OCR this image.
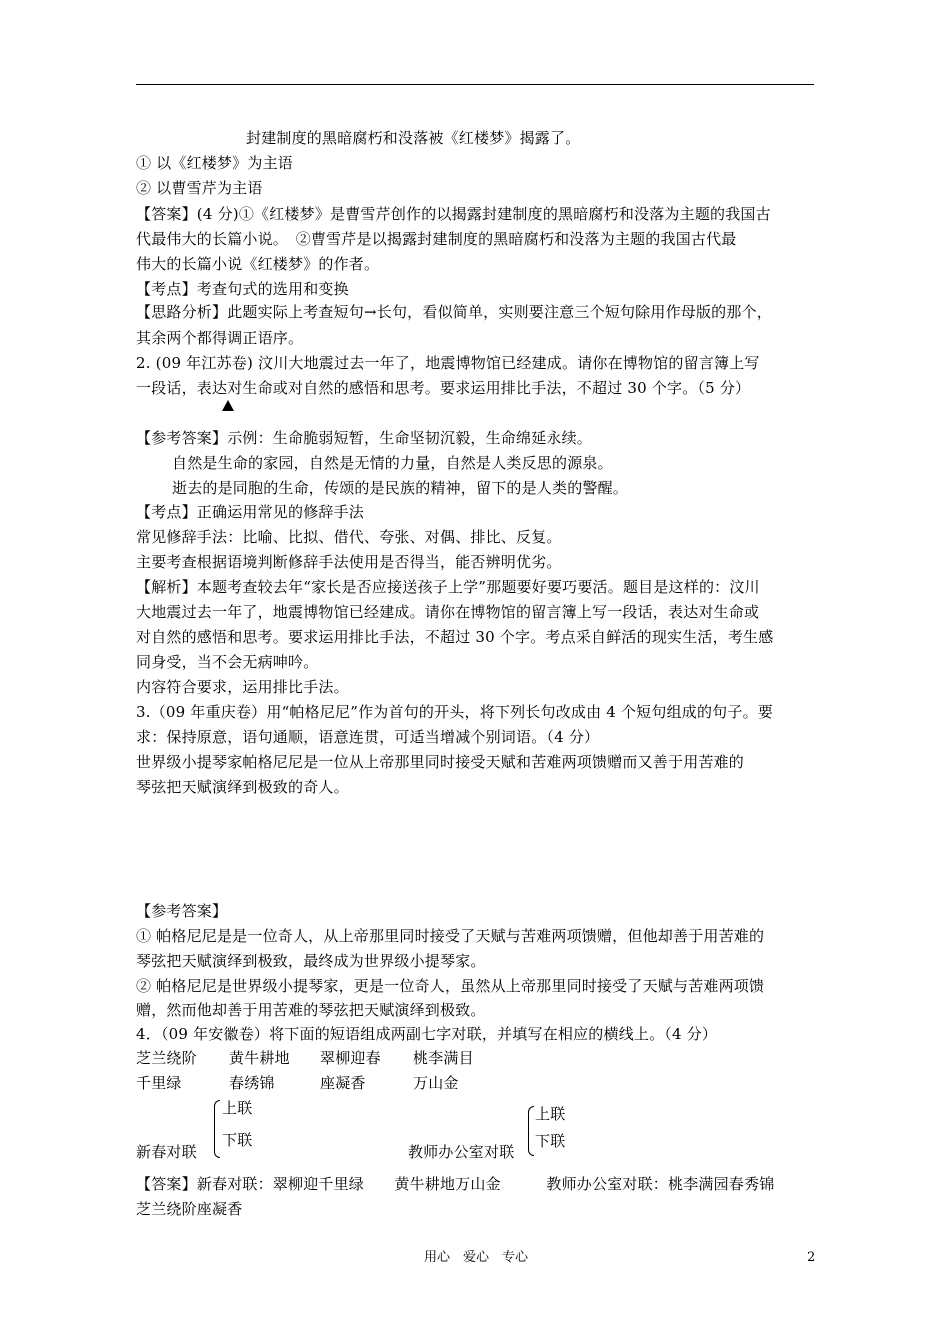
封建制度的黑暗腐朽和没落被《红楼梦》揭露了。
① 以《红楼梦》为主语
② 以曹雪芹为主语
【答案】(4 分)①《红楼梦》是曹雪芹创作的以揭露封建制度的黑暗腐朽和没落为主题的我国古
代最伟大的长篇小说。　②曹雪芹是以揭露封建制度的黑暗腐朽和没落为主题的我国古代最
伟大的长篇小说《红楼梦》的作者。
【考点】考查句式的选用和变换
【思路分析】此题实际上考查短句→长句，看似简单，实则要注意三个短句除用作母版的那个，
其余两个都得调正语序。
2. (09 年江苏卷) 汶川大地震过去一年了，地震博物馆已经建成。请你在博物馆的留言簿上写
一段话，表达对生命或对自然的感悟和思考。要求运用排比手法，不超过 30 个字。（5 分）
【参考答案】示例：生命脆弱短暂，生命坚韧沉毅，生命绵延永续。
自然是生命的家园，自然是无情的力量，自然是人类反思的源泉。
逝去的是同胞的生命，传颂的是民族的精神，留下的是人类的警醒。
【考点】正确运用常见的修辞手法
常见修辞手法：比喻、比拟、借代、夸张、对偶、排比、反复。
主要考查根据语境判断修辞手法使用是否得当，能否辨明优劣。
【解析】本题考查较去年“家长是否应接送孩子上学”那题要好要巧要活。题目是这样的：汶川
大地震过去一年了，地震博物馆已经建成。请你在博物馆的留言簿上写一段话，表达对生命或
对自然的感悟和思考。要求运用排比手法，不超过 30 个字。考点采自鲜活的现实生活，考生感
同身受，当不会无病呻吟。
内容符合要求，运用排比手法。
3.（09 年重庆卷）用“帕格尼尼”作为首句的开头，将下列长句改成由 4 个短句组成的句子。要
求：保持原意，语句通顺，语意连贯，可适当增减个别词语。（4 分）
世界级小提琴家帕格尼尼是一位从上帝那里同时接受天赋和苦难两项馈赠而又善于用苦难的
琴弦把天赋演绎到极致的奇人。
【参考答案】
① 帕格尼尼是是一位奇人，从上帝那里同时接受了天赋与苦难两项馈赠，但他却善于用苦难的
琴弦把天赋演绎到极致，最终成为世界级小提琴家。
② 帕格尼尼是世界级小提琴家，更是一位奇人，虽然从上帝那里同时接受了天赋与苦难两项馈
赠，然而他却善于用苦难的琴弦把天赋演绎到极致。
4．（09 年安徽卷）将下面的短语组成两副七字对联，并填写在相应的横线上。（4 分）
芝兰绕阶 黄牛耕地 翠柳迎春 桃李满目
千里绿	春绣锦	座凝香	万山金
上联
下联
新春对联
上联
下联
教师办公室对联
【答案】新春对联：翠柳迎千里绿　　黄牛耕地万山金　　　教师办公室对联：桃李满园春秀锦
芝兰绕阶座凝香
用心　爱心　专心	2
